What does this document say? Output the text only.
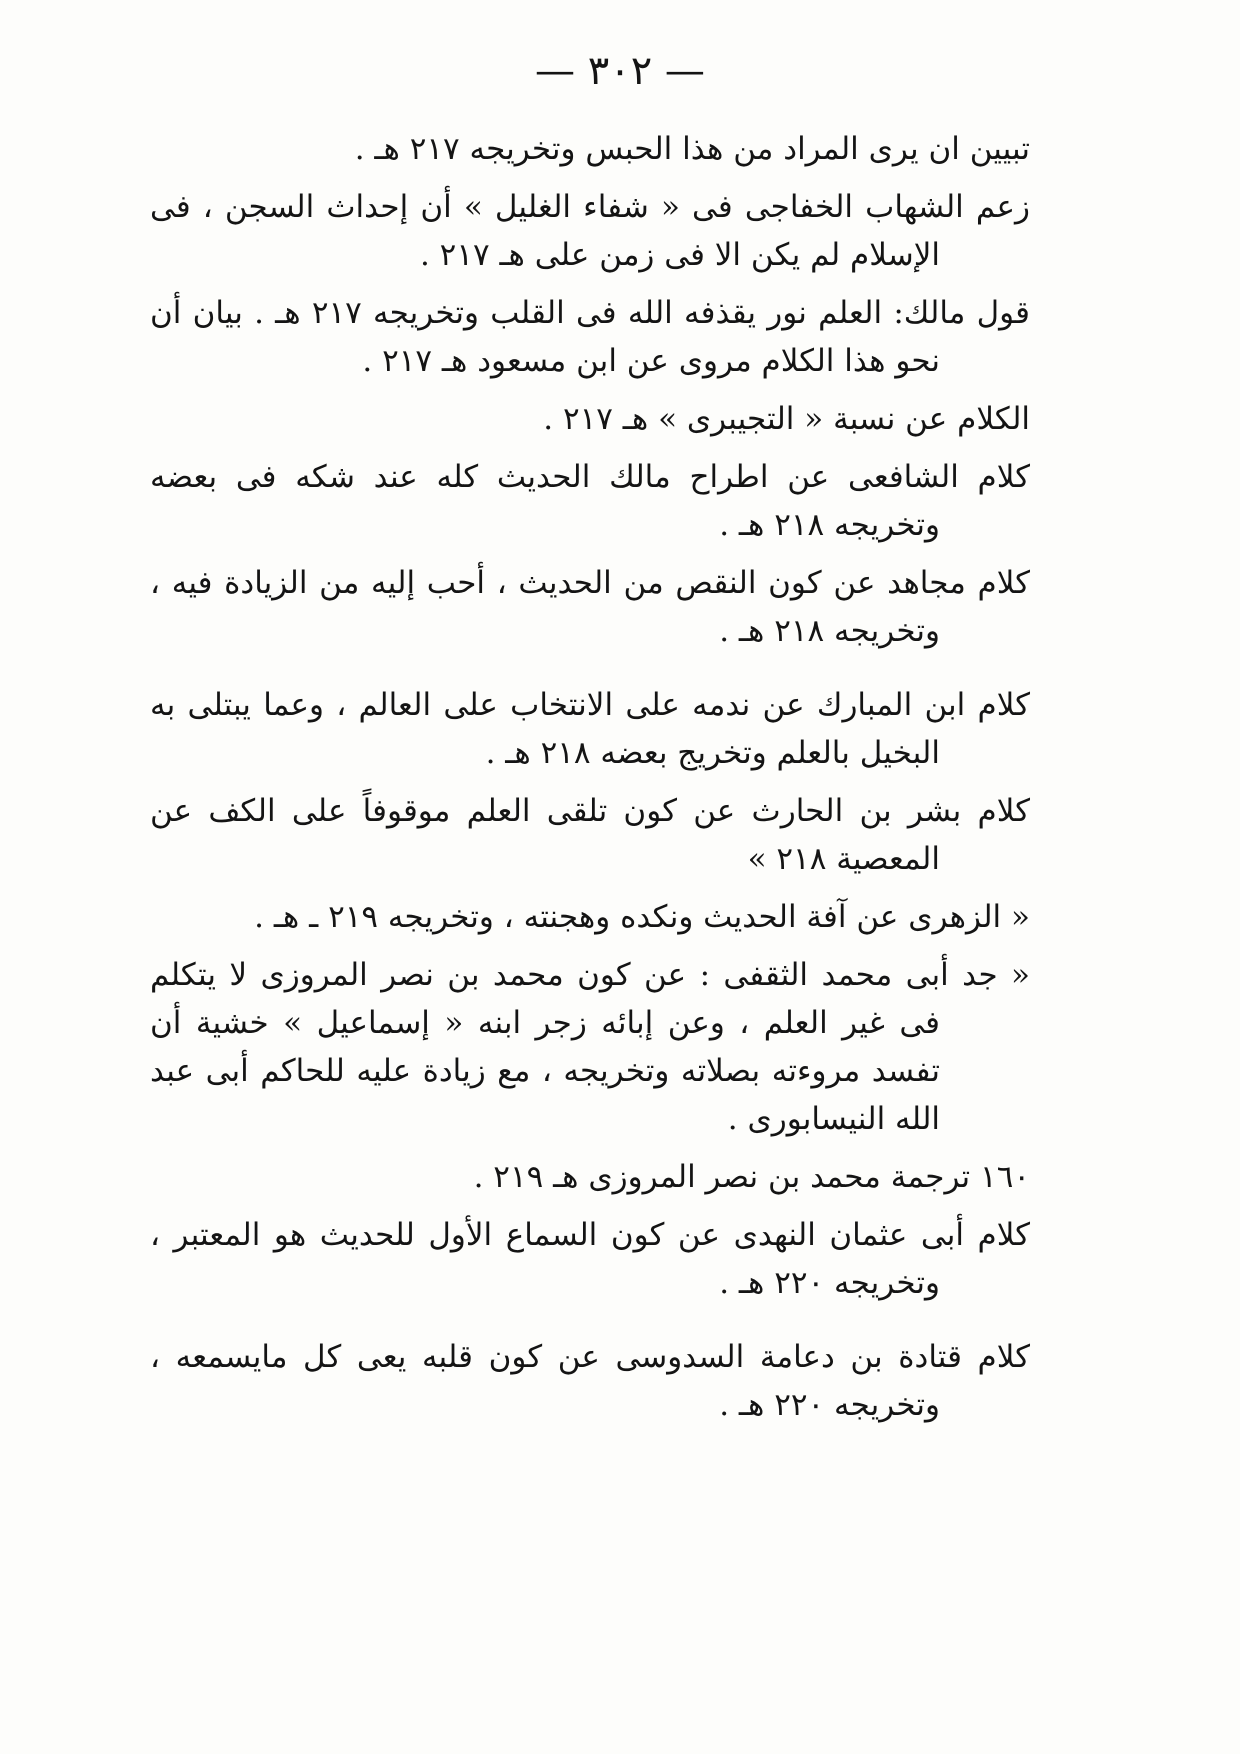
— ٣٠٢ —

تبيين ان يرى المراد من هذا الحبس وتخريجه ٢١٧ هـ .

زعم الشهاب الخفاجى فى « شفاء الغليل » أن إحداث السجن ، فى الإسلام لم يكن الا فى زمن على هـ ٢١٧ .

قول مالك: العلم نور يقذفه الله فى القلب وتخريجه ٢١٧ هـ . بيان أن نحو هذا الكلام مروى عن ابن مسعود هـ ٢١٧ .

الكلام عن نسبة « التجيبرى » هـ ٢١٧ .

كلام الشافعى عن اطراح مالك الحديث كله عند شكه فى بعضه وتخريجه ٢١٨ هـ .

كلام مجاهد عن كون النقص من الحديث ، أحب إليه من الزيادة فيه ، وتخريجه ٢١٨ هـ .

كلام ابن المبارك عن ندمه على الانتخاب على العالم ، وعما يبتلى به البخيل بالعلم وتخريج بعضه ٢١٨ هـ .

كلام بشر بن الحارث عن كون تلقى العلم موقوفاً على الكف عن المعصية ٢١٨ »

« الزهرى عن آفة الحديث ونكده وهجنته ، وتخريجه ٢١٩ ـ هـ .

« جد أبى محمد الثقفى : عن كون محمد بن نصر المروزى لا يتكلم فى غير العلم ، وعن إبائه زجر ابنه « إسماعيل » خشية أن تفسد مروءته بصلاته وتخريجه ، مع زيادة عليه للحاكم أبى عبد الله النيسابورى .

١٦٠ ترجمة محمد بن نصر المروزى هـ ٢١٩ .

كلام أبى عثمان النهدى عن كون السماع الأول للحديث هو المعتبر ، وتخريجه ٢٢٠ هـ .

كلام قتادة بن دعامة السدوسى عن كون قلبه يعى كل مايسمعه ، وتخريجه ٢٢٠ هـ .
